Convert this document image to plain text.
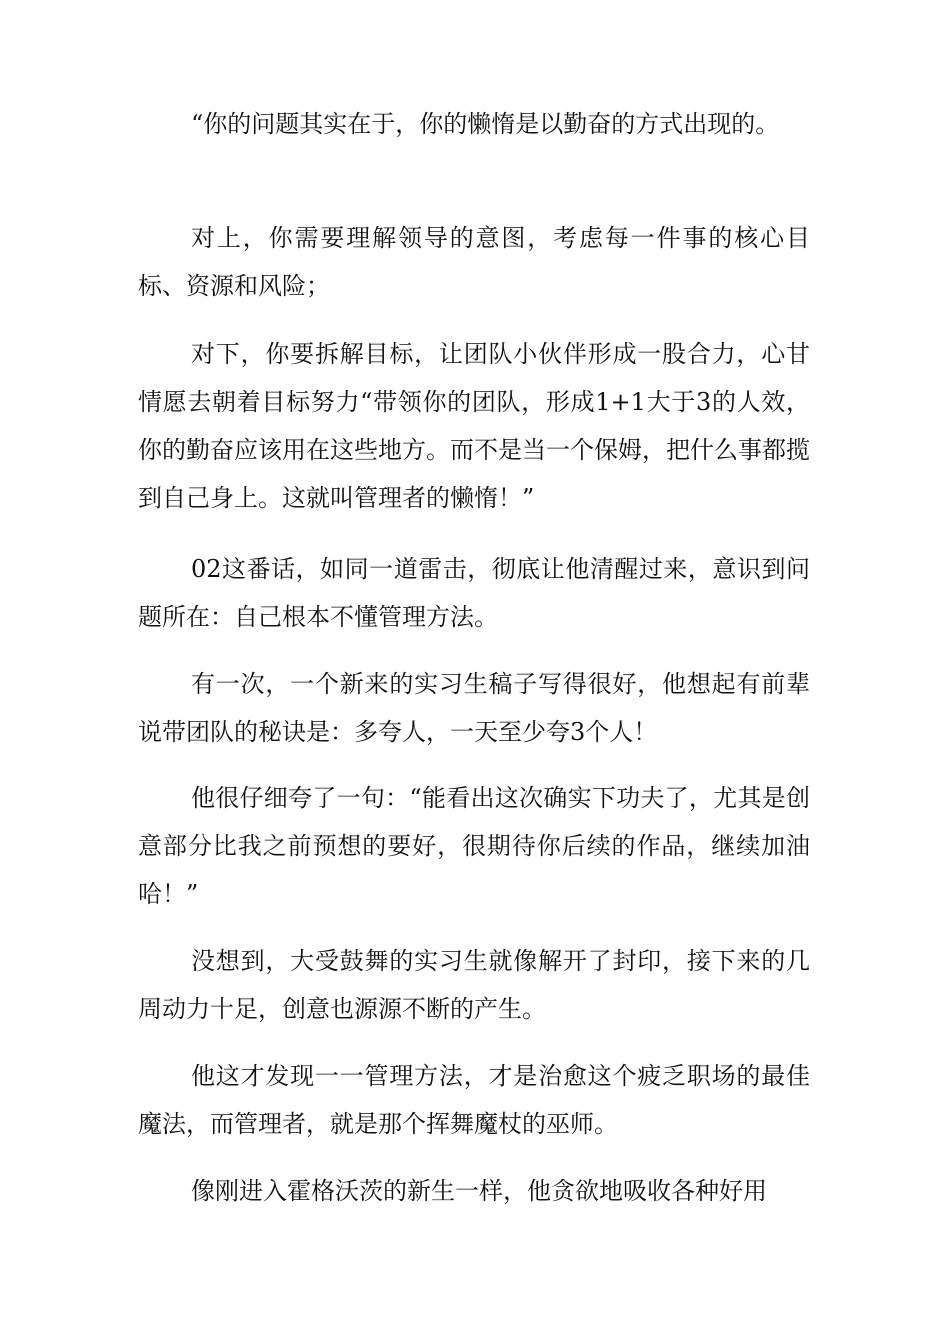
“你的问题其实在于，你的懒惰是以勤奋的方式出现的。

对上，你需要理解领导的意图，考虑每一件事的核心目标、资源和风险；

对下，你要拆解目标，让团队小伙伴形成一股合力，心甘情愿去朝着目标努力“带领你的团队，形成1+1大于3的人效，你的勤奋应该用在这些地方。而不是当一个保姆，把什么事都揽到自己身上。这就叫管理者的懒惰！”

02这番话，如同一道雷击，彻底让他清醒过来，意识到问题所在：自己根本不懂管理方法。

有一次，一个新来的实习生稿子写得很好，他想起有前辈说带团队的秘诀是：多夸人，一天至少夸3个人！

他很仔细夸了一句：“能看出这次确实下功夫了，尤其是创意部分比我之前预想的要好，很期待你后续的作品，继续加油哈！”

没想到，大受鼓舞的实习生就像解开了封印，接下来的几周动力十足，创意也源源不断的产生。

他这才发现一一管理方法，才是治愈这个疲乏职场的最佳魔法，而管理者，就是那个挥舞魔杖的巫师。

像刚进入霍格沃茨的新生一样，他贪欲地吸收各种好用
